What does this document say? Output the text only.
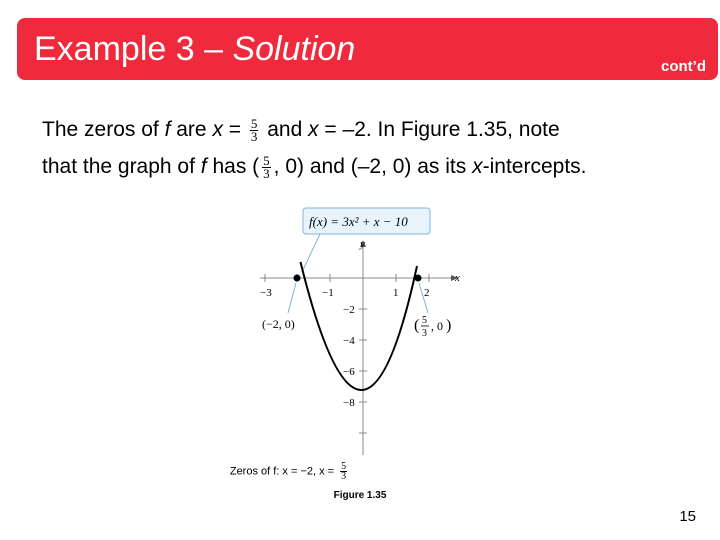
Example 3 – Solution	cont’d
The zeros of f are $x = \frac{5}{3}$ and x = –2. In Figure 1.35, note
that the graph of f has ( $\frac{5}{3}$ , 0) and (–2, 0) as its x-intercepts.
f(x) = 3x² + x − 10
x
y
−3	−1	1 2
−2
−4
−6
−8
(−2, 0)	( 5
3
, 0 )
Zeros of f: x = −2, $x = \frac{5}{3}$
Figure 1.35
15
